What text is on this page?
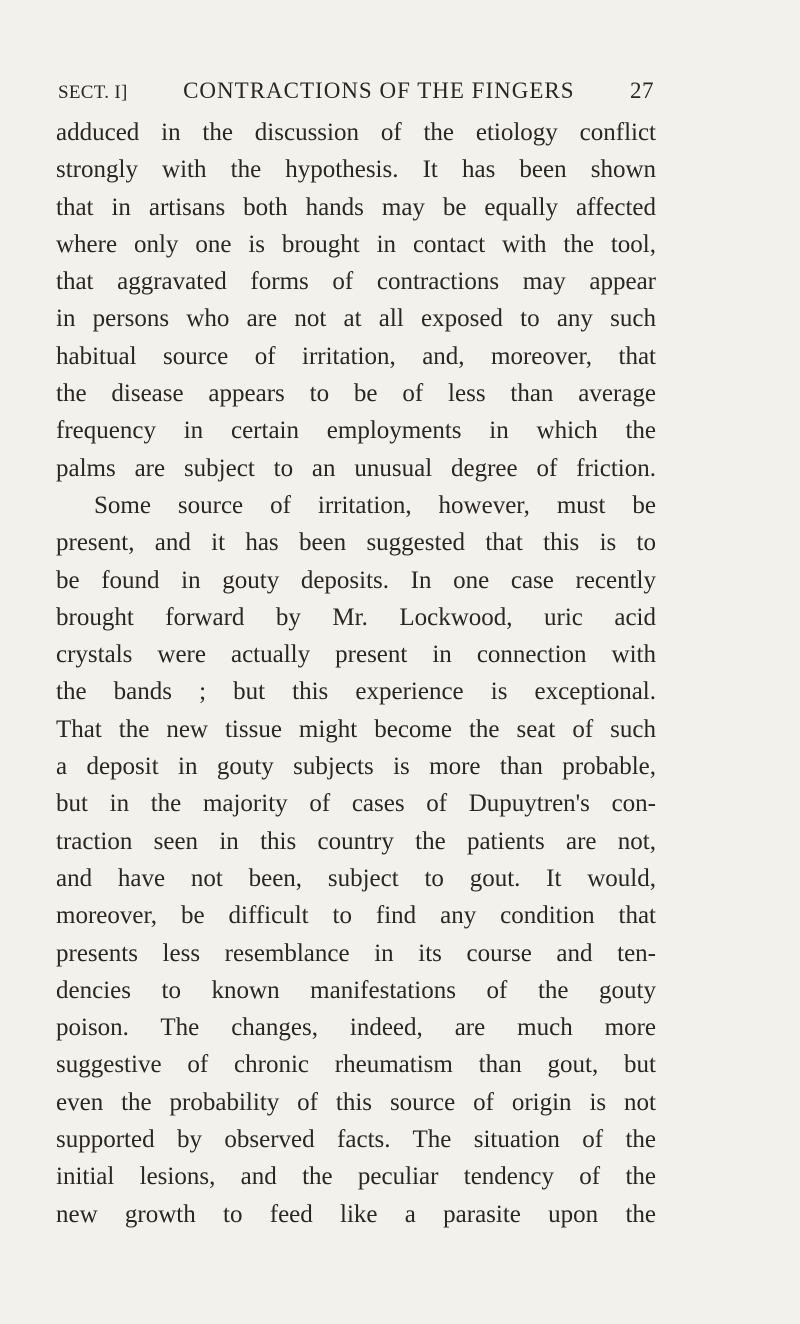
SECT. I] CONTRACTIONS OF THE FINGERS 27
adduced in the discussion of the etiology conflict
strongly with the hypothesis. It has been shown
that in artisans both hands may be equally affected
where only one is brought in contact with the tool,
that aggravated forms of contractions may appear
in persons who are not at all exposed to any such
habitual source of irritation, and, moreover, that
the disease appears to be of less than average
frequency in certain employments in which the
palms are subject to an unusual degree of friction.
Some source of irritation, however, must be
present, and it has been suggested that this is to
be found in gouty deposits. In one case recently
brought forward by Mr. Lockwood, uric acid
crystals were actually present in connection with
the bands ; but this experience is exceptional.
That the new tissue might become the seat of such
a deposit in gouty subjects is more than probable,
but in the majority of cases of Dupuytren's con-
traction seen in this country the patients are not,
and have not been, subject to gout. It would,
moreover, be difficult to find any condition that
presents less resemblance in its course and ten-
dencies to known manifestations of the gouty
poison. The changes, indeed, are much more
suggestive of chronic rheumatism than gout, but
even the probability of this source of origin is not
supported by observed facts. The situation of the
initial lesions, and the peculiar tendency of the
new growth to feed like a parasite upon the
